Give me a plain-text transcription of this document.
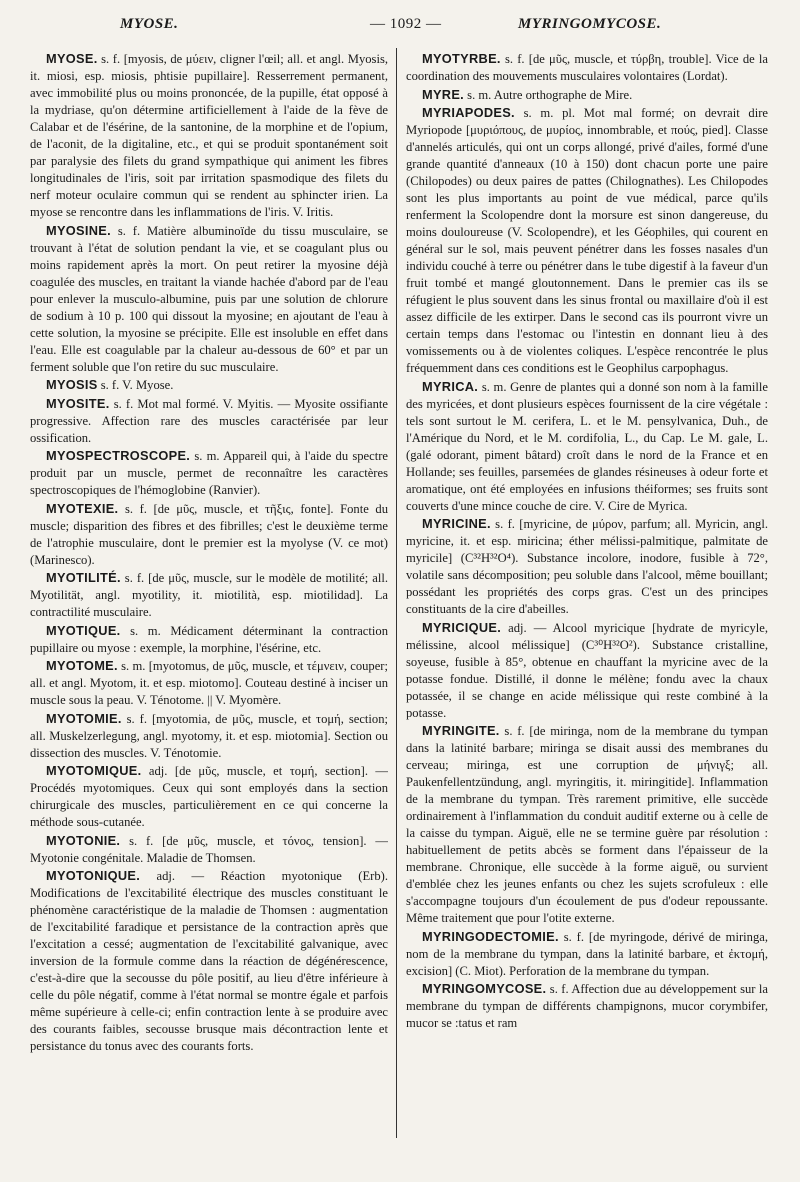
MYOSE.	— 1092 —	MYRINGOMYCOSE.

MYOSE. s. f. [myosis, de μύειν, cligner l'œil; all. et angl. Myosis, it. miosi, esp. miosis, phtisie pupillaire]. Resserrement permanent, avec immobilité plus ou moins prononcée, de la pupille, état opposé à la mydriase, qu'on détermine artificiellement à l'aide de la fève de Calabar et de l'ésérine, de la santonine, de la morphine et de l'opium, de l'aconit, de la digitaline, etc., et qui se produit spontanément soit par paralysie des filets du grand sympathique qui animent les fibres longitudinales de l'iris, soit par irritation spasmodique des filets du nerf moteur oculaire commun qui se rendent au sphincter irien. La myose se rencontre dans les inflammations de l'iris. V. Iritis.

MYOSINE. s. f. Matière albuminoïde du tissu musculaire, se trouvant à l'état de solution pendant la vie, et se coagulant plus ou moins rapidement après la mort. On peut retirer la myosine déjà coagulée des muscles, en traitant la viande hachée d'abord par de l'eau pour enlever la musculo-albumine, puis par une solution de chlorure de sodium à 10 p. 100 qui dissout la myosine; en ajoutant de l'eau à cette solution, la myosine se précipite. Elle est insoluble en effet dans l'eau. Elle est coagulable par la chaleur au-dessous de 60° et par un ferment soluble que l'on retire du suc musculaire.

MYOSIS s. f. V. Myose.

MYOSITE. s. f. Mot mal formé. V. Myitis. — Myosite ossifiante progressive. Affection rare des muscles caractérisée par leur ossification.

MYOSPECTROSCOPE. s. m. Appareil qui, à l'aide du spectre produit par un muscle, permet de reconnaître les caractères spectroscopiques de l'hémoglobine (Ranvier).

MYOTEXIE. s. f. [de μῦς, muscle, et τῆξις, fonte]. Fonte du muscle; disparition des fibres et des fibrilles; c'est le deuxième terme de l'atrophie musculaire, dont le premier est la myolyse (V. ce mot) (Marinesco).

MYOTILITÉ. s. f. [de μῦς, muscle, sur le modèle de motilité; all. Myotilität, angl. myotility, it. miotilità, esp. miotilidad]. La contractilité musculaire.

MYOTIQUE. s. m. Médicament déterminant la contraction pupillaire ou myose : exemple, la morphine, l'ésérine, etc.

MYOTOME. s. m. [myotomus, de μῦς, muscle, et τέμνειν, couper; all. et angl. Myotom, it. et esp. miotomo]. Couteau destiné à inciser un muscle sous la peau. V. Ténotome. || V. Myomère.

MYOTOMIE. s. f. [myotomia, de μῦς, muscle, et τομή, section; all. Muskelzerlegung, angl. myotomy, it. et esp. miotomia]. Section ou dissection des muscles. V. Ténotomie.

MYOTOMIQUE. adj. [de μῦς, muscle, et τομή, section]. — Procédés myotomiques. Ceux qui sont employés dans la section chirurgicale des muscles, particulièrement en ce qui concerne la méthode sous-cutanée.

MYOTONIE. s. f. [de μῦς, muscle, et τόνος, tension]. — Myotonie congénitale. Maladie de Thomsen.

MYOTONIQUE. adj. — Réaction myotonique (Erb). Modifications de l'excitabilité électrique des muscles constituant le phénomène caractéristique de la maladie de Thomsen : augmentation de l'excitabilité faradique et persistance de la contraction après que l'excitation a cessé; augmentation de l'excitabilité galvanique, avec inversion de la formule comme dans la réaction de dégénérescence, c'est-à-dire que la secousse du pôle positif, au lieu d'être inférieure à celle du pôle négatif, comme à l'état normal se montre égale et parfois même supérieure à celle-ci; enfin contraction lente à se produire avec des courants faibles, secousse brusque mais décontraction lente et persistance du tonus avec des courants forts.

MYOTYRBE. s. f. [de μῦς, muscle, et τύρβη, trouble]. Vice de la coordination des mouvements musculaires volontaires (Lordat).

MYRE. s. m. Autre orthographe de Mire.

MYRIAPODES. s. m. pl. Mot mal formé; on devrait dire Myriopode [μυριόπους, de μυρίος, innombrable, et πούς, pied]. Classe d'annelés articulés, qui ont un corps allongé, privé d'ailes, formé d'une grande quantité d'anneaux (10 à 150) dont chacun porte une paire (Chilopodes) ou deux paires de pattes (Chilognathes). Les Chilopodes sont les plus importants au point de vue médical, parce qu'ils renferment la Scolopendre dont la morsure est sinon dangereuse, du moins douloureuse (V. Scolopendre), et les Géophiles, qui courent en général sur le sol, mais peuvent pénétrer dans les fosses nasales d'un individu couché à terre ou pénétrer dans le tube digestif à la faveur d'un fruit tombé et mangé gloutonnement. Dans le premier cas ils se réfugient le plus souvent dans les sinus frontal ou maxillaire d'où il est assez difficile de les extirper. Dans le second cas ils pourront vivre un certain temps dans l'estomac ou l'intestin en donnant lieu à des vomissements ou à de violentes coliques. L'espèce rencontrée le plus fréquemment dans ces conditions est le Geophilus carpophagus.

MYRICA. s. m. Genre de plantes qui a donné son nom à la famille des myricées, et dont plusieurs espèces fournissent de la cire végétale : tels sont surtout le M. cerifera, L. et le M. pensylvanica, Duh., de l'Amérique du Nord, et le M. cordifolia, L., du Cap. Le M. gale, L. (galé odorant, piment bâtard) croît dans le nord de la France et en Hollande; ses feuilles, parsemées de glandes résineuses à odeur forte et aromatique, ont été employées en infusions théiformes; ses fruits sont couverts d'une mince couche de cire. V. Cire de Myrica.

MYRICINE. s. f. [myricine, de μύρον, parfum; all. Myricin, angl. myricine, it. et esp. miricina; éther mélissi-palmitique, palmitate de myricile] (C³²H³²O⁴). Substance incolore, inodore, fusible à 72°, volatile sans décomposition; peu soluble dans l'alcool, même bouillant; possédant les propriétés des corps gras. C'est un des principes constituants de la cire d'abeilles.

MYRICIQUE. adj. — Alcool myricique [hydrate de myricyle, mélissine, alcool mélissique] (C³⁰H³²O²). Substance cristalline, soyeuse, fusible à 85°, obtenue en chauffant la myricine avec de la potasse fondue. Distillé, il donne le mélène; fondu avec la chaux potassée, il se change en acide mélissique qui reste combiné à la potasse.

MYRINGITE. s. f. [de miringa, nom de la membrane du tympan dans la latinité barbare; miringa se disait aussi des membranes du cerveau; miringa, est une corruption de μήνιγξ; all. Paukenfellentzündung, angl. myringitis, it. miringitide]. Inflammation de la membrane du tympan. Très rarement primitive, elle succède ordinairement à l'inflammation du conduit auditif externe ou à celle de la caisse du tympan. Aiguë, elle ne se termine guère par résolution : habituellement de petits abcès se forment dans l'épaisseur de la membrane. Chronique, elle succède à la forme aiguë, ou survient d'emblée chez les jeunes enfants ou chez les sujets scrofuleux : elle s'accompagne toujours d'un écoulement de pus d'odeur repoussante. Même traitement que pour l'otite externe.

MYRINGODECTOMIE. s. f. [de myringode, dérivé de miringa, nom de la membrane du tympan, dans la latinité barbare, et ἐκτομή, excision] (C. Miot). Perforation de la membrane du tympan.

MYRINGOMYCOSE. s. f. Affection due au développement sur la membrane du tympan de différents champignons, mucor corymbifer, mucor se :tatus et ram
